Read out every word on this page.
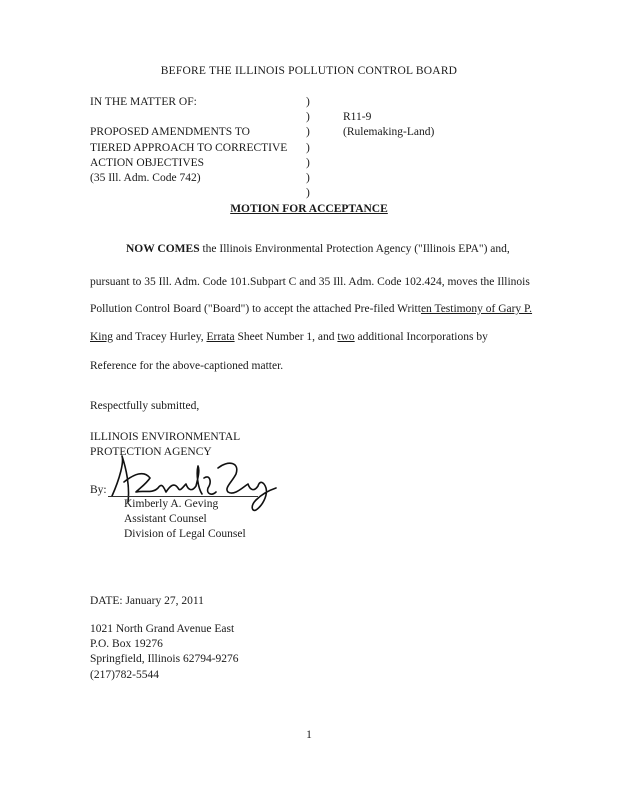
BEFORE THE ILLINOIS POLLUTION CONTROL BOARD
IN THE MATTER OF:

PROPOSED AMENDMENTS TO
TIERED APPROACH TO CORRECTIVE
ACTION OBJECTIVES
(35 Ill. Adm. Code 742)
)
)
)
)
)
)
)
R11-9
(Rulemaking-Land)
MOTION FOR ACCEPTANCE
NOW COMES the Illinois Environmental Protection Agency ("Illinois EPA") and,
pursuant to 35 Ill. Adm. Code 101.Subpart C and 35 Ill. Adm. Code 102.424, moves the Illinois
Pollution Control Board ("Board") to accept the attached Pre-filed Written Testimony of Gary P.
King and Tracey Hurley, Errata Sheet Number 1, and two additional Incorporations by
Reference for the above-captioned matter.
Respectfully submitted,
ILLINOIS ENVIRONMENTAL
PROTECTION AGENCY
By:
Kimberly A. Geving
Assistant Counsel
Division of Legal Counsel
DATE: January 27, 2011
1021 North Grand Avenue East
P.O. Box 19276
Springfield, Illinois 62794-9276
(217)782-5544
1
